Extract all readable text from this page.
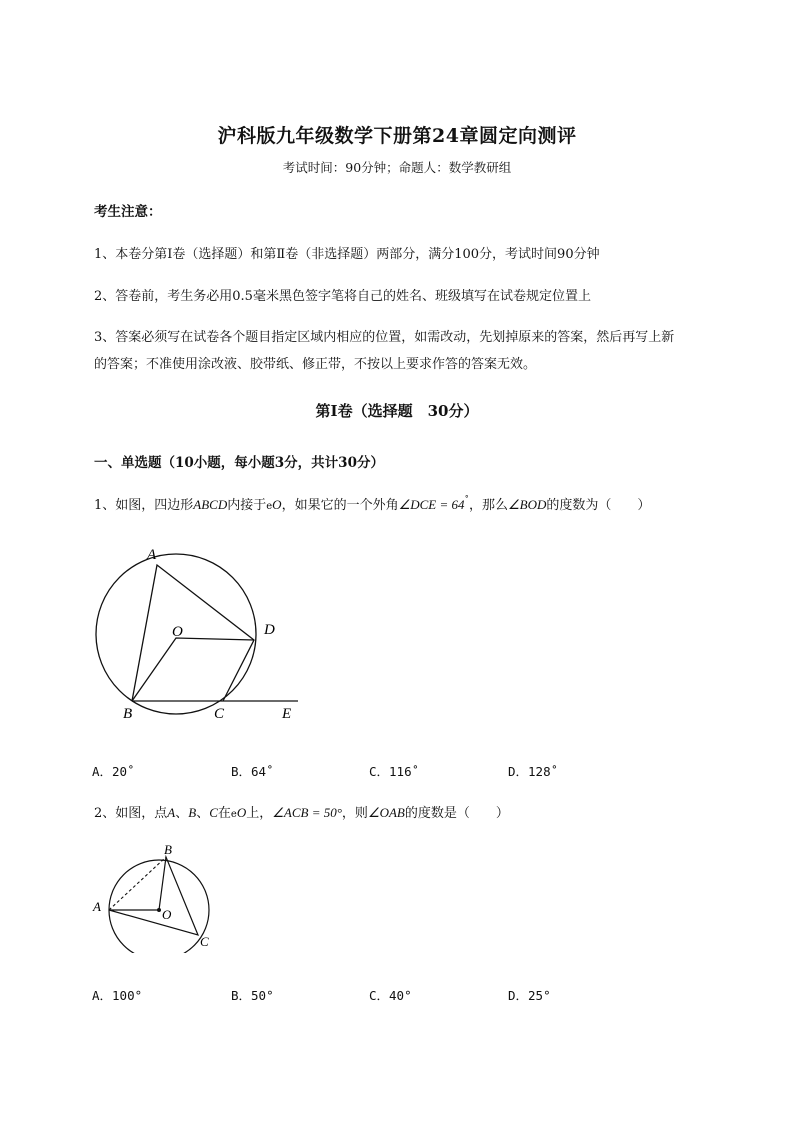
沪科版九年级数学下册第24章圆定向测评
考试时间：90分钟；命题人：数学教研组
考生注意：
1、本卷分第I卷（选择题）和第Ⅱ卷（非选择题）两部分，满分100分，考试时间90分钟
2、答卷前，考生务必用0.5毫米黑色签字笔将自己的姓名、班级填写在试卷规定位置上
3、答案必须写在试卷各个题目指定区域内相应的位置，如需改动，先划掉原来的答案，然后再写上新
的答案；不准使用涂改液、胶带纸、修正带，不按以上要求作答的答案无效。
第I卷（选择题　30分）
一、单选题（10小题，每小题3分，共计30分）
1、如图，四边形ABCD内接于eO，如果它的一个外角∠DCE = 64˚，那么∠BOD的度数为（　　）
A
O	D
B	C	E
A．20˚	B．64˚	C．116˚	D．128˚
2、如图，点A、B、C在eO上，∠ACB = 50°，则∠OAB的度数是（　　）
B
A
O
C
A．100°	B．50°	C．40°	D．25°
